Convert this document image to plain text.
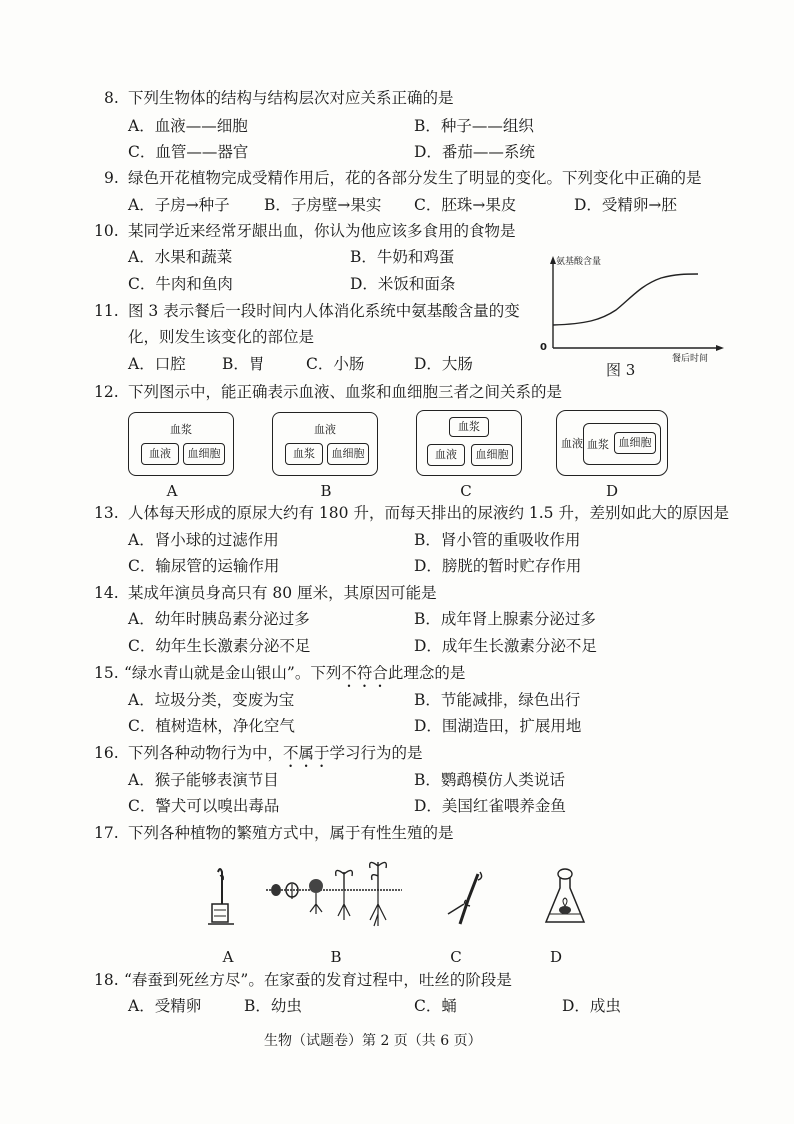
8. 下列生物体的结构与结构层次对应关系正确的是
A．血液——细胞	B．种子——组织
C．血管——器官	D．番茄——系统
9. 绿色开花植物完成受精作用后，花的各部分发生了明显的变化。下列变化中正确的是
A．子房→种子 B．子房壁→果实 C．胚珠→果皮	D．受精卵→胚
10. 某同学近来经常牙龈出血，你认为他应该多食用的食物是
A．水果和蔬菜	B．牛奶和鸡蛋
C．牛肉和鱼肉	D．米饭和面条
11. 图 3 表示餐后一段时间内人体消化系统中氨基酸含量的变
化，则发生该变化的部位是
A．口腔 B．胃	C．小肠	D．大肠
氨基酸含量
0
餐后时间
图 3
12. 下列图示中，能正确表示血液、血浆和血细胞三者之间关系的是
血浆
血液	血细胞
A
血液
血浆	血细胞
B
血浆
血液	血细胞
C
血液 血浆 血细胞
D
13. 人体每天形成的原尿大约有 180 升，而每天排出的尿液约 1.5 升，差别如此大的原因是
A．肾小球的过滤作用	B．肾小管的重吸收作用
C．输尿管的运输作用	D．膀胱的暂时贮存作用
14. 某成年演员身高只有 80 厘米，其原因可能是
A．幼年时胰岛素分泌过多	B．成年肾上腺素分泌过多
C．幼年生长激素分泌不足	D．成年生长激素分泌不足
15. “绿水青山就是金山银山”。下列不符合此理念的是
A．垃圾分类，变废为宝	B．节能减排，绿色出行
C．植树造林，净化空气	D．围湖造田，扩展用地
16. 下列各种动物行为中，不属于学习行为的是
A．猴子能够表演节目	B．鹦鹉模仿人类说话
C．警犬可以嗅出毒品	D．美国红雀喂养金鱼
17. 下列各种植物的繁殖方式中，属于有性生殖的是
A	B	C	D
18. “春蚕到死丝方尽”。在家蚕的发育过程中，吐丝的阶段是
A．受精卵	B．幼虫	C．蛹	D．成虫
生物（试题卷）第 2 页（共 6 页）
